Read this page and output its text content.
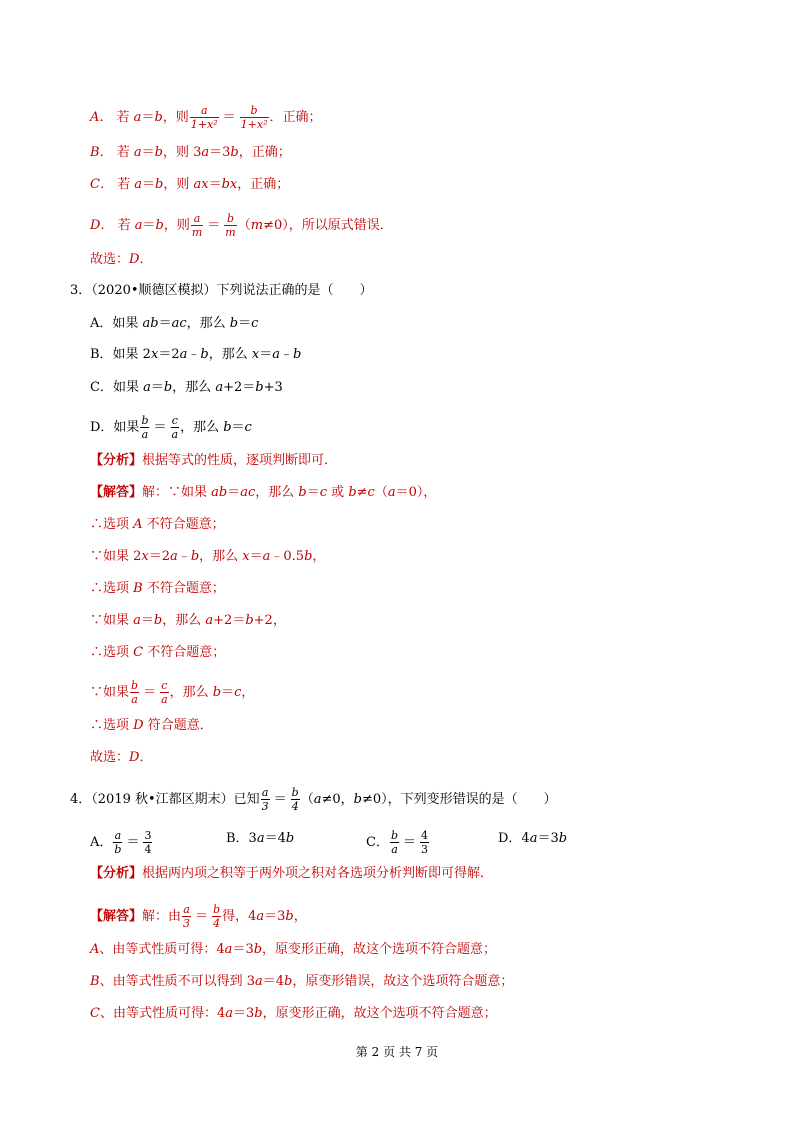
A． 若 a＝b，则 $\frac{a}{\text{1+x²}} = \frac{b}{\text{1+x²}}$ ．正确；
B． 若 a＝b，则 3a＝3b，正确；
C． 若 a＝b，则 ax＝bx，正确；
D． 若 a＝b，则 $\frac{a}{m} = \frac{b}{m} (m\ne 0)$，所以原式错误．
故选：D．
3．（2020•顺德区模拟）下列说法正确的是（　　）
A．如果 ab＝ac，那么 b＝c
B．如果 2x＝2a﹣b，那么 x＝a﹣b
C．如果 a＝b，那么 a+2＝b+3
D．如果 $\frac{b}{a} = \frac{c}{a}$ ，那么 b＝c
【分析】根据等式的性质，逐项判断即可．
【解答】解：∵如果 ab＝ac，那么 b＝c 或 b≠c（a＝0），
∴选项 A 不符合题意；
∵如果 2x＝2a﹣b，那么 x＝a﹣0.5b，
∴选项 B 不符合题意；
∵如果 a＝b，那么 a+2＝b+2，
∴选项 C 不符合题意；
∵如果 $\frac{b}{a} = \frac{c}{a}$ ，那么 b＝c，
∴选项 D 符合题意．
故选：D．
4．（2019 秋•江都区期末）已知 $\frac{a}{3} = \frac{b}{4} (a\ne 0$，b≠0），下列变形错误的是（　　）
A． $\frac{a}{b} = \frac{3}{4}$	B．3a＝4b	C． $\frac{b}{a} = \frac{4}{3}$	D．4a＝3b
【分析】根据两内项之积等于两外项之积对各选项分析判断即可得解．
【解答】解：由 $\frac{a}{3} = \frac{b}{4}$ 得，4a＝3b，
A、由等式性质可得：4a＝3b，原变形正确，故这个选项不符合题意；
B、由等式性质不可以得到 3a＝4b，原变形错误，故这个选项符合题意；
C、由等式性质可得：4a＝3b，原变形正确，故这个选项不符合题意；
第 2 页 共 7 页
